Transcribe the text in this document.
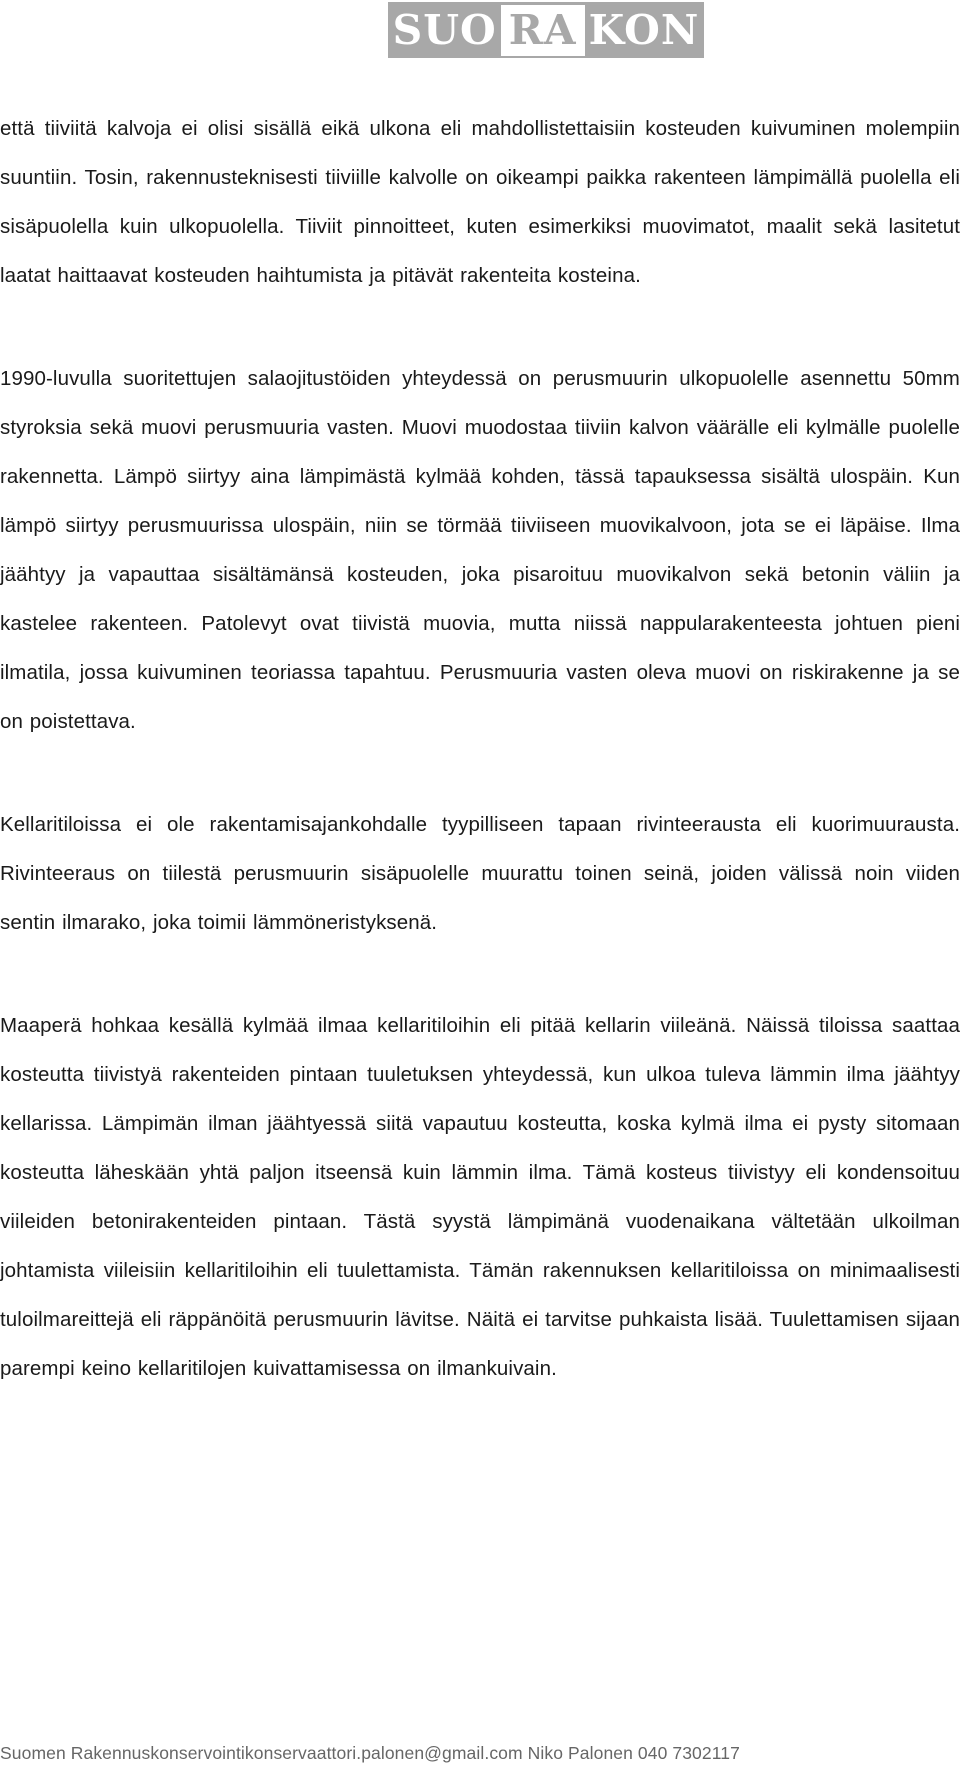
SUO RA KON

että tiiviitä kalvoja ei olisi sisällä eikä ulkona eli mahdollistettaisiin kosteuden kuivuminen molempiin suuntiin. Tosin, rakennusteknisesti tiiviille kalvolle on oikeampi paikka rakenteen lämpimällä puolella eli sisäpuolella kuin ulkopuolella. Tiiviit pinnoitteet, kuten esimerkiksi muovimatot, maalit sekä lasitetut laatat haittaavat kosteuden haihtumista ja pitävät rakenteita kosteina.

1990-luvulla suoritettujen salaojitustöiden yhteydessä on perusmuurin ulkopuolelle asennettu 50mm styroksia sekä muovi perusmuuria vasten. Muovi muodostaa tiiviin kalvon väärälle eli kylmälle puolelle rakennetta. Lämpö siirtyy aina lämpimästä kylmää kohden, tässä tapauksessa sisältä ulospäin. Kun lämpö siirtyy perusmuurissa ulospäin, niin se törmää tiiviiseen muovikalvoon, jota se ei läpäise. Ilma jäähtyy ja vapauttaa sisältämänsä kosteuden, joka pisaroituu muovikalvon sekä betonin väliin ja kastelee rakenteen. Patolevyt ovat tiivistä muovia, mutta niissä nappularakenteesta johtuen pieni ilmatila, jossa kuivuminen teoriassa tapahtuu. Perusmuuria vasten oleva muovi on riskirakenne ja se on poistettava.

Kellaritiloissa ei ole rakentamisajankohdalle tyypilliseen tapaan rivinteerausta eli kuorimuurausta. Rivinteeraus on tiilestä perusmuurin sisäpuolelle muurattu toinen seinä, joiden välissä noin viiden sentin ilmarako, joka toimii lämmöneristyksenä.

Maaperä hohkaa kesällä kylmää ilmaa kellaritiloihin eli pitää kellarin viileänä. Näissä tiloissa saattaa kosteutta tiivistyä rakenteiden pintaan tuuletuksen yhteydessä, kun ulkoa tuleva lämmin ilma jäähtyy kellarissa. Lämpimän ilman jäähtyessä siitä vapautuu kosteutta, koska kylmä ilma ei pysty sitomaan kosteutta läheskään yhtä paljon itseensä kuin lämmin ilma. Tämä kosteus tiivistyy eli kondensoituu viileiden betonirakenteiden pintaan. Tästä syystä lämpimänä vuodenaikana vältetään ulkoilman johtamista viileisiin kellaritiloihin eli tuulettamista. Tämän rakennuksen kellaritiloissa on minimaalisesti tuloilmareittejä eli räppänöitä perusmuurin lävitse. Näitä ei tarvitse puhkaista lisää. Tuulettamisen sijaan parempi keino kellaritilojen kuivattamisessa on ilmankuivain.

Suomen Rakennuskonservointikonservaattori.palonen@gmail.com Niko Palonen 040 7302117
